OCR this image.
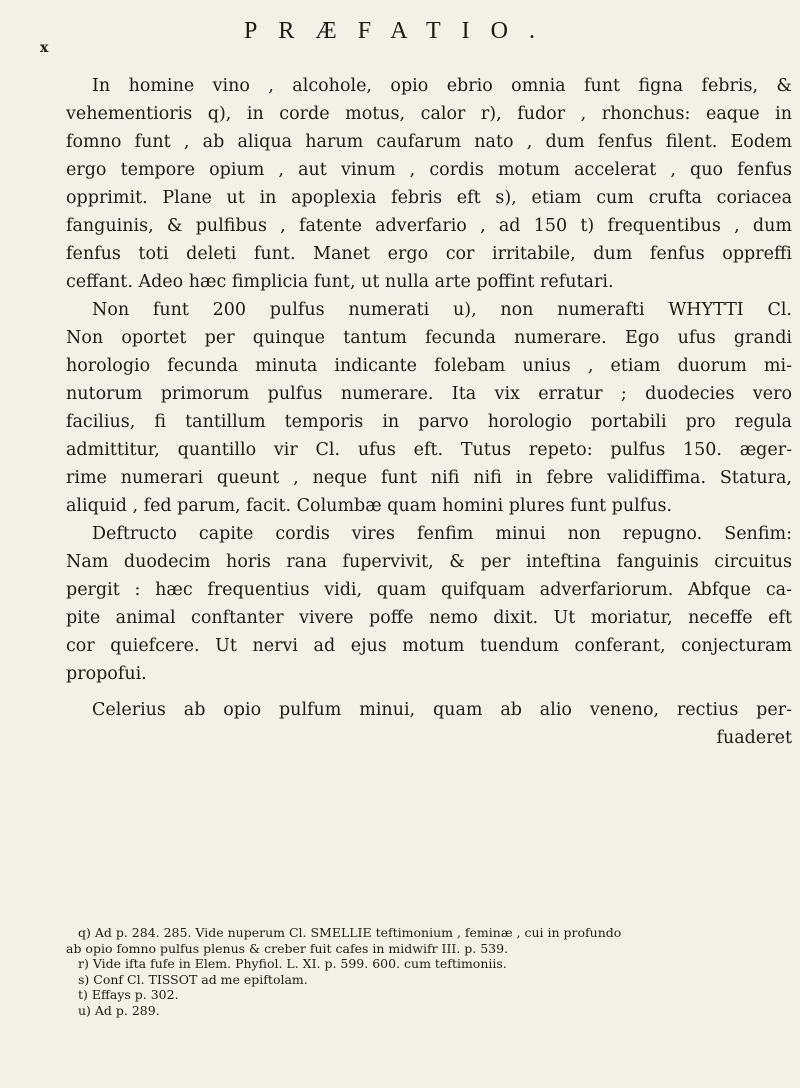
x
PRÆFATIO.
In homine vino , alcohole, opio ebrio omnia funt figna febris, &
vehementioris q), in corde motus, calor r), fudor , rhonchus: eaque in
fomno funt , ab aliqua harum caufarum nato , dum fenfus filent. Eodem
ergo tempore opium , aut vinum , cordis motum accelerat , quo fenfus
opprimit. Plane ut in apoplexia febris eft s), etiam cum crufta coriacea
fanguinis, & pulfibus , fatente adverfario , ad 150 t) frequentibus , dum
fenfus toti deleti funt. Manet ergo cor irritabile, dum fenfus oppreffi
ceffant. Adeo hæc fimplicia funt, ut nulla arte poffint refutari.
Non funt 200 pulfus numerati u), non numerafti WHYTTI Cl.
Non oportet per quinque tantum fecunda numerare. Ego ufus grandi
horologio fecunda minuta indicante folebam unius , etiam duorum mi-
nutorum primorum pulfus numerare. Ita vix erratur ; duodecies vero
facilius, fi tantillum temporis in parvo horologio portabili pro regula
admittitur, quantillo vir Cl. ufus eft. Tutus repeto: pulfus 150. æger-
rime numerari queunt , neque funt nifi nifi in febre validiffima. Statura,
aliquid , fed parum, facit. Columbæ quam homini plures funt pulfus.
Deftructo capite cordis vires fenfim minui non repugno. Senfim:
Nam duodecim horis rana fupervivit, & per inteftina fanguinis circuitus
pergit : hæc frequentius vidi, quam quifquam adverfariorum. Abfque ca-
pite animal conftanter vivere poffe nemo dixit. Ut moriatur, neceffe eft
cor quiefcere. Ut nervi ad ejus motum tuendum conferant, conjecturam
propofui.
Celerius ab opio pulfum minui, quam ab alio veneno, rectius per-
fuaderet
q) Ad p. 284. 285. Vide nuperum Cl. SMELLIE teftimonium , feminæ , cui in profundo
ab opio fomno pulfus plenus & creber fuit cafes in midwifr III. p. 539.
r) Vide ifta fufe in Elem. Phyfiol. L. XI. p. 599. 600. cum teftimoniis.
s) Conf Cl. TISSOT ad me epiftolam.
t) Effays p. 302.
u) Ad p. 289.
